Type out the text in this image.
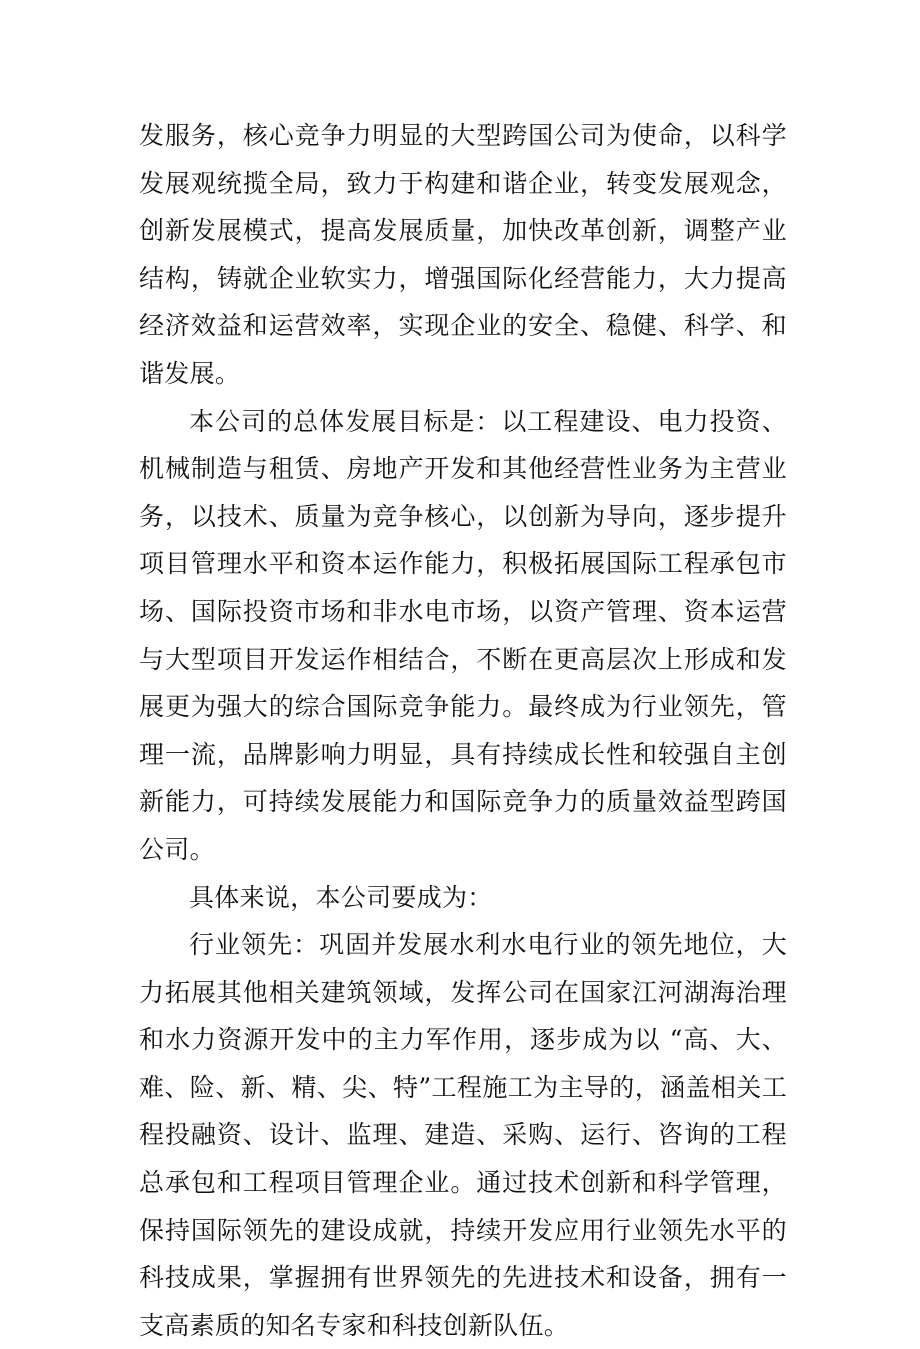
发服务，核心竞争力明显的大型跨国公司为使命，以科学发展观统揽全局，致力于构建和谐企业，转变发展观念，创新发展模式，提高发展质量，加快改革创新，调整产业结构，铸就企业软实力，增强国际化经营能力，大力提高经济效益和运营效率，实现企业的安全、稳健、科学、和谐发展。

本公司的总体发展目标是：以工程建设、电力投资、机械制造与租赁、房地产开发和其他经营性业务为主营业务，以技术、质量为竞争核心，以创新为导向，逐步提升项目管理水平和资本运作能力，积极拓展国际工程承包市场、国际投资市场和非水电市场，以资产管理、资本运营与大型项目开发运作相结合，不断在更高层次上形成和发展更为强大的综合国际竞争能力。最终成为行业领先，管理一流，品牌影响力明显，具有持续成长性和较强自主创新能力，可持续发展能力和国际竞争力的质量效益型跨国公司。

具体来说，本公司要成为：

行业领先：巩固并发展水利水电行业的领先地位，大力拓展其他相关建筑领域，发挥公司在国家江河湖海治理和水力资源开发中的主力军作用，逐步成为以 “高、大、难、险、新、精、尖、特”工程施工为主导的，涵盖相关工程投融资、设计、监理、建造、采购、运行、咨询的工程总承包和工程项目管理企业。通过技术创新和科学管理，保持国际领先的建设成就，持续开发应用行业领先水平的科技成果，掌握拥有世界领先的先进技术和设备，拥有一支高素质的知名专家和科技创新队伍。
